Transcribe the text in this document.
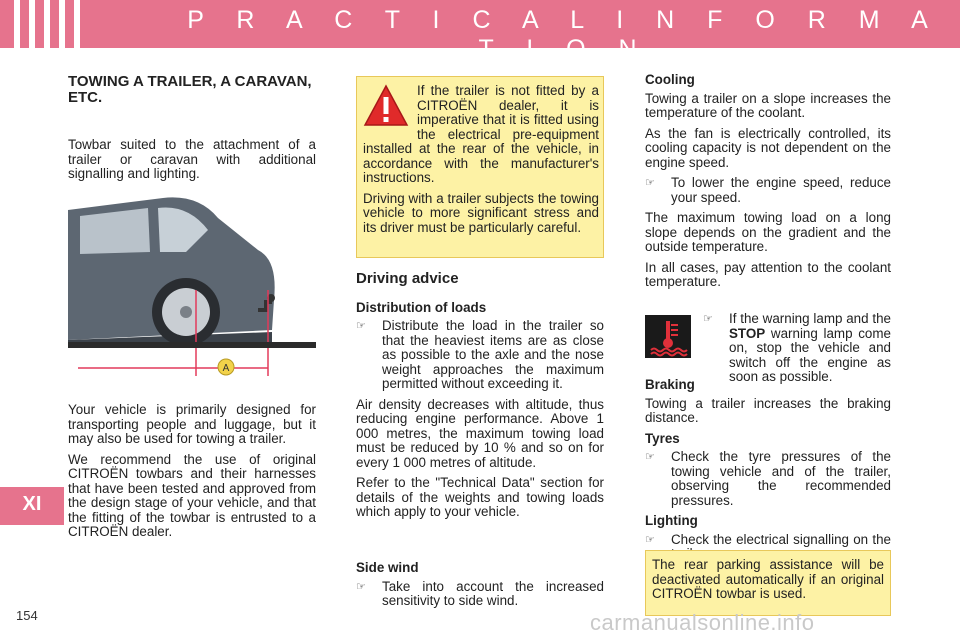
P R A C T I C A L I N F O R M A T I O N
XI
154
TOWING A TRAILER, A CARAVAN, ETC.

Towbar suited to the attachment of a trailer or caravan with additional signalling and lighting.

A

Your vehicle is primarily designed for transporting people and luggage, but it may also be used for towing a trailer.

We recommend the use of original CITROËN towbars and their harnesses that have been tested and approved from the design stage of your vehicle, and that the fitting of the towbar is entrusted to a CITROËN dealer.

If the trailer is not fitted by a CITROËN dealer, it is imperative that it is fitted using the electrical pre-equipment installed at the rear of the vehicle, in accordance with the manufacturer's instructions.

Driving with a trailer subjects the towing vehicle to more significant stress and its driver must be particularly careful.

Driving advice
Distribution of loads
☞ Distribute the load in the trailer so that the heaviest items are as close as possible to the axle and the nose weight approaches the maximum permitted without exceeding it.

Air density decreases with altitude, thus reducing engine performance. Above 1 000 metres, the maximum towing load must be reduced by 10 % and so on for every 1 000 metres of altitude.

Refer to the "Technical Data" section for details of the weights and towing loads which apply to your vehicle.

Side wind
☞ Take into account the increased sensitivity to side wind.
Cooling

Towing a trailer on a slope increases the temperature of the coolant.

As the fan is electrically controlled, its cooling capacity is not dependent on the engine speed.

☞ To lower the engine speed, reduce your speed.

The maximum towing load on a long slope depends on the gradient and the outside temperature.

In all cases, pay attention to the coolant temperature.

☞ If the warning lamp and the STOP warning lamp come on, stop the vehicle and switch off the engine as soon as possible.
Braking

Towing a trailer increases the braking distance.

Tyres
☞ Check the tyre pressures of the towing vehicle and of the trailer, observing the recommended pressures.
Lighting
☞ Check the electrical signalling on the
The rear parking assistance will be deactivated automatically if an original CITROËN towbar is used.
carmanualsonline.info
